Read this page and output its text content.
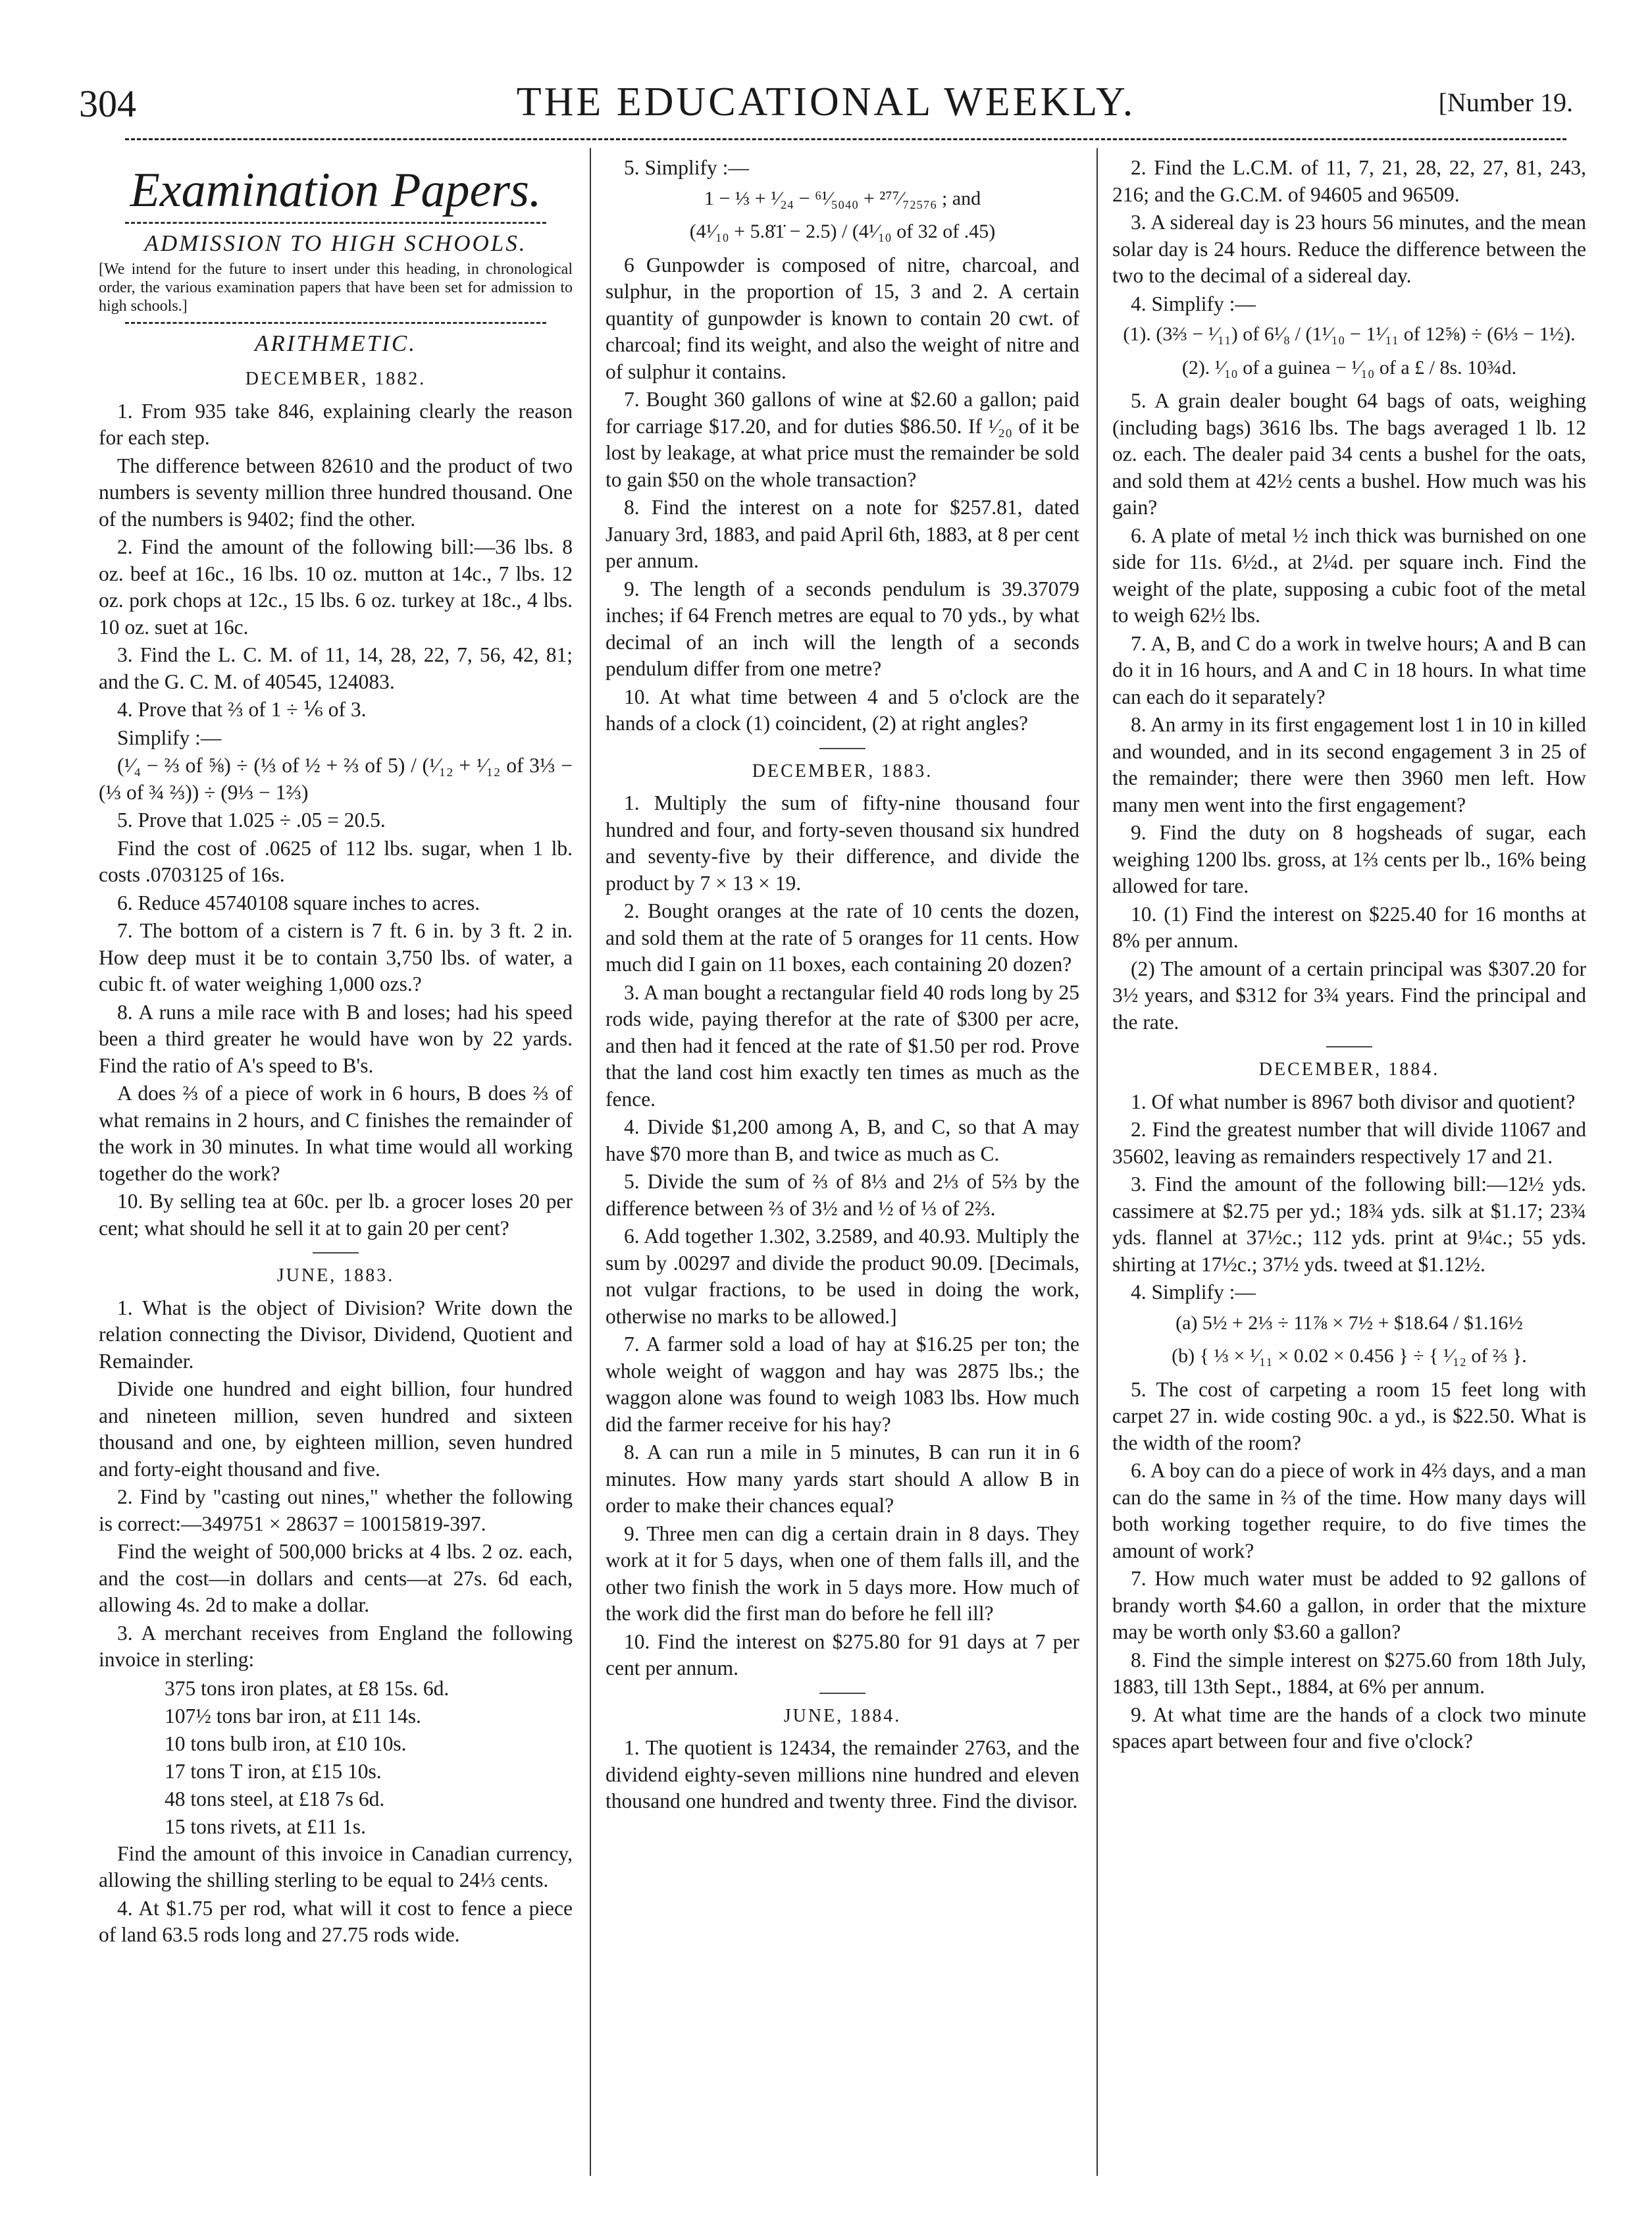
304	THE EDUCATIONAL WEEKLY.	[Number 19.

Examination Papers.

ADMISSION TO HIGH SCHOOLS.

[We intend for the future to insert under this heading, in chronological order, the various examination papers that have been set for admission to high schools.]

ARITHMETIC.

DECEMBER, 1882.

1. From 935 take 846, explaining clearly the reason for each step.

The difference between 82610 and the product of two numbers is seventy million three hundred thousand. One of the numbers is 9402; find the other.

2. Find the amount of the following bill:—36 lbs. 8 oz. beef at 16c., 16 lbs. 10 oz. mutton at 14c., 7 lbs. 12 oz. pork chops at 12c., 15 lbs. 6 oz. turkey at 18c., 4 lbs. 10 oz. suet at 16c.

3. Find the L. C. M. of 11, 14, 28, 22, 7, 56, 42, 81; and the G. C. M. of 40545, 124083.

4. Prove that ⅔ of 1 ÷ ⅙ of 3.

Simplify :—

(¹⁄₄ − ⅔ of ⅝) ÷ (⅓ of ½ + ⅔ of 5) / (¹⁄₁₂ + ¹⁄₁₂ of 3⅓ − (⅓ of ¾ ⅔)) ÷ (9⅓ − 1⅔)

5. Prove that 1.025 ÷ .05 = 20.5.

Find the cost of .0625 of 112 lbs. sugar, when 1 lb. costs .0703125 of 16s.

6. Reduce 45740108 square inches to acres.

7. The bottom of a cistern is 7 ft. 6 in. by 3 ft. 2 in. How deep must it be to contain 3,750 lbs. of water, a cubic ft. of water weighing 1,000 ozs.?

8. A runs a mile race with B and loses; had his speed been a third greater he would have won by 22 yards. Find the ratio of A's speed to B's.

A does ⅔ of a piece of work in 6 hours, B does ⅔ of what remains in 2 hours, and C finishes the remainder of the work in 30 minutes. In what time would all working together do the work?

10. By selling tea at 60c. per lb. a grocer loses 20 per cent; what should he sell it at to gain 20 per cent?

JUNE, 1883.

1. What is the object of Division? Write down the relation connecting the Divisor, Dividend, Quotient and Remainder.

Divide one hundred and eight billion, four hundred and nineteen million, seven hundred and sixteen thousand and one, by eighteen million, seven hundred and forty-eight thousand and five.

2. Find by "casting out nines," whether the following is correct:—349751 × 28637 = 10015819-397.

Find the weight of 500,000 bricks at 4 lbs. 2 oz. each, and the cost—in dollars and cents—at 27s. 6d each, allowing 4s. 2d to make a dollar.

3. A merchant receives from England the following invoice in sterling:

375 tons iron plates, at £8 15s. 6d.

107½ tons bar iron, at £11 14s.

10 tons bulb iron, at £10 10s.

17 tons T iron, at £15 10s.

48 tons steel, at £18 7s 6d.

15 tons rivets, at £11 1s.

Find the amount of this invoice in Canadian currency, allowing the shilling sterling to be equal to 24⅓ cents.

4. At $1.75 per rod, what will it cost to fence a piece of land 63.5 rods long and 27.75 rods wide.

5. Simplify :—

1 − ⅓ + ¹⁄₂₄ − ⁶¹⁄₅₀₄₀ + ²⁷⁷⁄₇₂₅₇₆ ; and

(4¹⁄₁₀ + 5.8̇1̇ − 2.5) / (4¹⁄₁₀ of 32 of .45)

6 Gunpowder is composed of nitre, charcoal, and sulphur, in the proportion of 15, 3 and 2. A certain quantity of gunpowder is known to contain 20 cwt. of charcoal; find its weight, and also the weight of nitre and of sulphur it contains.

7. Bought 360 gallons of wine at $2.60 a gallon; paid for carriage $17.20, and for duties $86.50. If ¹⁄₂₀ of it be lost by leakage, at what price must the remainder be sold to gain $50 on the whole transaction?

8. Find the interest on a note for $257.81, dated January 3rd, 1883, and paid April 6th, 1883, at 8 per cent per annum.

9. The length of a seconds pendulum is 39.37079 inches; if 64 French metres are equal to 70 yds., by what decimal of an inch will the length of a seconds pendulum differ from one metre?

10. At what time between 4 and 5 o'clock are the hands of a clock (1) coincident, (2) at right angles?

DECEMBER, 1883.

1. Multiply the sum of fifty-nine thousand four hundred and four, and forty-seven thousand six hundred and seventy-five by their difference, and divide the product by 7 × 13 × 19.

2. Bought oranges at the rate of 10 cents the dozen, and sold them at the rate of 5 oranges for 11 cents. How much did I gain on 11 boxes, each containing 20 dozen?

3. A man bought a rectangular field 40 rods long by 25 rods wide, paying therefor at the rate of $300 per acre, and then had it fenced at the rate of $1.50 per rod. Prove that the land cost him exactly ten times as much as the fence.

4. Divide $1,200 among A, B, and C, so that A may have $70 more than B, and twice as much as C.

5. Divide the sum of ⅔ of 8⅓ and 2⅓ of 5⅔ by the difference between ⅔ of 3½ and ½ of ⅓ of 2⅔.

6. Add together 1.302, 3.2589, and 40.93. Multiply the sum by .00297 and divide the product 90.09. [Decimals, not vulgar fractions, to be used in doing the work, otherwise no marks to be allowed.]

7. A farmer sold a load of hay at $16.25 per ton; the whole weight of waggon and hay was 2875 lbs.; the waggon alone was found to weigh 1083 lbs. How much did the farmer receive for his hay?

8. A can run a mile in 5 minutes, B can run it in 6 minutes. How many yards start should A allow B in order to make their chances equal?

9. Three men can dig a certain drain in 8 days. They work at it for 5 days, when one of them falls ill, and the other two finish the work in 5 days more. How much of the work did the first man do before he fell ill?

10. Find the interest on $275.80 for 91 days at 7 per cent per annum.

JUNE, 1884.

1. The quotient is 12434, the remainder 2763, and the dividend eighty-seven millions nine hundred and eleven thousand one hundred and twenty three. Find the divisor.

2. Find the L.C.M. of 11, 7, 21, 28, 22, 27, 81, 243, 216; and the G.C.M. of 94605 and 96509.

3. A sidereal day is 23 hours 56 minutes, and the mean solar day is 24 hours. Reduce the difference between the two to the decimal of a sidereal day.

4. Simplify :—

(1). (3⅔ − ¹⁄₁₁) of 6¹⁄₈ / (1¹⁄₁₀ − 1¹⁄₁₁ of 12⅝) ÷ (6⅓ − 1½).

(2). ¹⁄₁₀ of a guinea − ¹⁄₁₀ of a £ / 8s. 10¾d.

5. A grain dealer bought 64 bags of oats, weighing (including bags) 3616 lbs. The bags averaged 1 lb. 12 oz. each. The dealer paid 34 cents a bushel for the oats, and sold them at 42½ cents a bushel. How much was his gain?

6. A plate of metal ½ inch thick was burnished on one side for 11s. 6½d., at 2¼d. per square inch. Find the weight of the plate, supposing a cubic foot of the metal to weigh 62½ lbs.

7. A, B, and C do a work in twelve hours; A and B can do it in 16 hours, and A and C in 18 hours. In what time can each do it separately?

8. An army in its first engagement lost 1 in 10 in killed and wounded, and in its second engagement 3 in 25 of the remainder; there were then 3960 men left. How many men went into the first engagement?

9. Find the duty on 8 hogsheads of sugar, each weighing 1200 lbs. gross, at 1⅔ cents per lb., 16% being allowed for tare.

10. (1) Find the interest on $225.40 for 16 months at 8% per annum.

(2) The amount of a certain principal was $307.20 for 3½ years, and $312 for 3¾ years. Find the principal and the rate.

DECEMBER, 1884.

1. Of what number is 8967 both divisor and quotient?

2. Find the greatest number that will divide 11067 and 35602, leaving as remainders respectively 17 and 21.

3. Find the amount of the following bill:—12½ yds. cassimere at $2.75 per yd.; 18¾ yds. silk at $1.17; 23¾ yds. flannel at 37½c.; 112 yds. print at 9¼c.; 55 yds. shirting at 17½c.; 37½ yds. tweed at $1.12½.

4. Simplify :—

(a) 5½ + 2⅓ ÷ 11⅞ × 7½ + $18.64 / $1.16½

(b) { ⅓ × ¹⁄₁₁ × 0.02 × 0.456 } ÷ { ¹⁄₁₂ of ⅔ }.

5. The cost of carpeting a room 15 feet long with carpet 27 in. wide costing 90c. a yd., is $22.50. What is the width of the room?

6. A boy can do a piece of work in 4⅔ days, and a man can do the same in ⅔ of the time. How many days will both working together require, to do five times the amount of work?

7. How much water must be added to 92 gallons of brandy worth $4.60 a gallon, in order that the mixture may be worth only $3.60 a gallon?

8. Find the simple interest on $275.60 from 18th July, 1883, till 13th Sept., 1884, at 6% per annum.

9. At what time are the hands of a clock two minute spaces apart between four and five o'clock?
